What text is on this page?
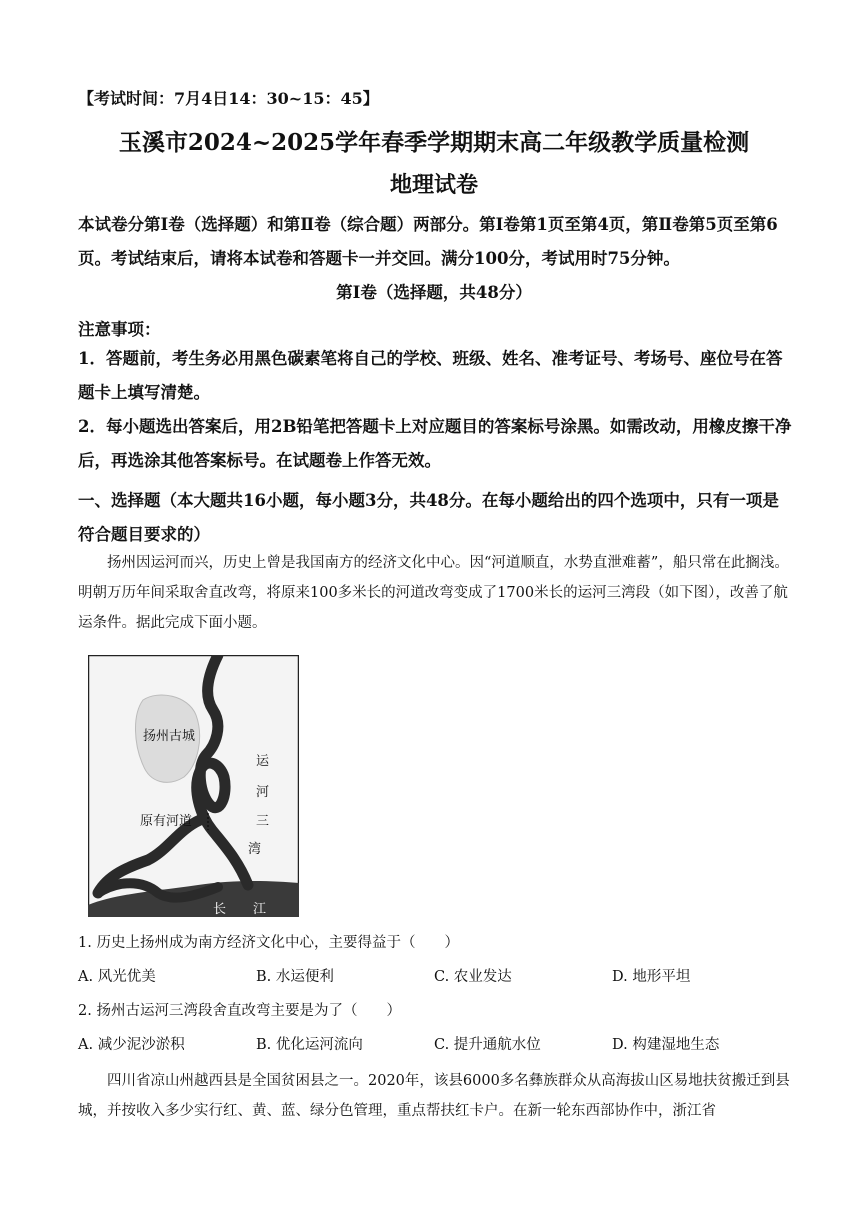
【考试时间：7月4日14：30~15：45】
玉溪市2024~2025学年春季学期期末高二年级教学质量检测
地理试卷
本试卷分第Ⅰ卷（选择题）和第Ⅱ卷（综合题）两部分。第Ⅰ卷第1页至第4页，第Ⅱ卷第5页至第6页。考试结束后，请将本试卷和答题卡一并交回。满分100分，考试用时75分钟。
第Ⅰ卷（选择题，共48分）
注意事项：
1．答题前，考生务必用黑色碳素笔将自己的学校、班级、姓名、准考证号、考场号、座位号在答题卡上填写清楚。
2．每小题选出答案后，用2B铅笔把答题卡上对应题目的答案标号涂黑。如需改动，用橡皮擦干净后，再选涂其他答案标号。在试题卷上作答无效。
一、选择题（本大题共16小题，每小题3分，共48分。在每小题给出的四个选项中，只有一项是符合题目要求的）
扬州因运河而兴，历史上曾是我国南方的经济文化中心。因“河道顺直，水势直泄难蓄”，船只常在此搁浅。明朝万历年间采取舍直改弯，将原来100多米长的河道改弯变成了1700米长的运河三湾段（如下图），改善了航运条件。据此完成下面小题。
扬州古城
原有河道
运
河
三
湾
长 江
1. 历史上扬州成为南方经济文化中心，主要得益于（　　）
A. 风光优美	B. 水运便利	C. 农业发达	D. 地形平坦
2. 扬州古运河三湾段舍直改弯主要是为了（　　）
A. 减少泥沙淤积	B. 优化运河流向	C. 提升通航水位	D. 构建湿地生态
四川省凉山州越西县是全国贫困县之一。2020年，该县6000多名彝族群众从高海拔山区易地扶贫搬迁到县城，并按收入多少实行红、黄、蓝、绿分色管理，重点帮扶红卡户。在新一轮东西部协作中，浙江省
